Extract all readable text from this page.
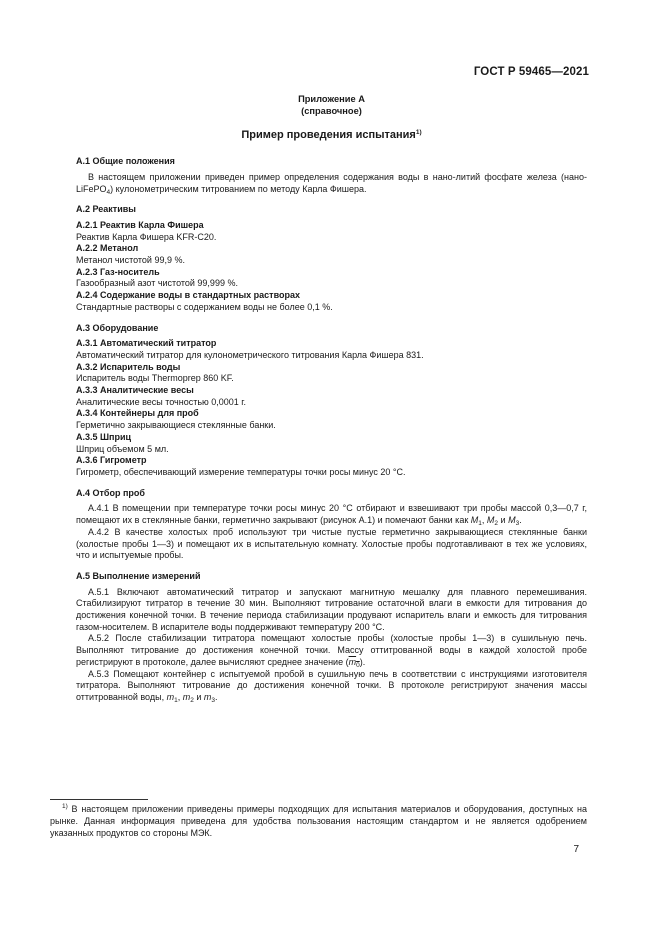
ГОСТ Р 59465—2021
Приложение А
(справочное)
Пример проведения испытания$^{1)}$
А.1 Общие положения

В настоящем приложении приведен пример определения содержания воды в нано-литий фосфате железа (нано-LiFePO$_4$) кулонометрическим титрованием по методу Карла Фишера.

А.2 Реактивы
А.2.1 Реактив Карла Фишера
Реактив Карла Фишера KFR-C20.
А.2.2 Метанол
Метанол чистотой 99,9 %.
А.2.3 Газ-носитель
Газообразный азот чистотой 99,999 %.
А.2.4 Содержание воды в стандартных растворах
Стандартные растворы с содержанием воды не более 0,1 %.
А.3 Оборудование
А.3.1 Автоматический титратор
Автоматический титратор для кулонометрического титрования Карла Фишера 831.
А.3.2 Испаритель воды
Испаритель воды Thermoprep 860 KF.
А.3.3 Аналитические весы
Аналитические весы точностью 0,0001 г.
А.3.4 Контейнеры для проб
Герметично закрывающиеся стеклянные банки.
А.3.5 Шприц
Шприц объемом 5 мл.
А.3.6 Гигрометр
Гигрометр, обеспечивающий измерение температуры точки росы минус 20 °С.
А.4 Отбор проб

А.4.1 В помещении при температуре точки росы минус 20 °С отбирают и взвешивают три пробы массой 0,3—0,7 г, помещают их в стеклянные банки, герметично закрывают (рисунок А.1) и помечают банки как $M_1$, $M_2$ и $M_3$.

А.4.2 В качестве холостых проб используют три чистые пустые герметично закрывающиеся стеклянные банки (холостые пробы 1—3) и помещают их в испытательную комнату. Холостые пробы подготавливают в тех же условиях, что и испытуемые пробы.

А.5 Выполнение измерений

А.5.1 Включают автоматический титратор и запускают магнитную мешалку для плавного перемешивания. Стабилизируют титратор в течение 30 мин. Выполняют титрование остаточной влаги в емкости для титрования до достижения конечной точки. В течение периода стабилизации продувают испаритель влаги и емкость для титрования газом-носителем. В испарителе воды поддерживают температуру 200 °С.

А.5.2 После стабилизации титратора помещают холостые пробы (холостые пробы 1—3) в сушильную печь. Выполняют титрование до достижения конечной точки. Массу оттитрованной воды в каждой холостой пробе регистрируют в протоколе, далее вычисляют среднее значение $(m_0)$.

А.5.3 Помещают контейнер с испытуемой пробой в сушильную печь в соответствии с инструкциями изготовителя титратора. Выполняют титрование до достижения конечной точки. В протоколе регистрируют значения массы оттитрованной воды, $m_1$, $m_2$ и $m_3$.

$^{1)}$ В настоящем приложении приведены примеры подходящих для испытания материалов и оборудования, доступных на рынке. Данная информация приведена для удобства пользования настоящим стандартом и не является одобрением указанных продуктов со стороны МЭК.

7
